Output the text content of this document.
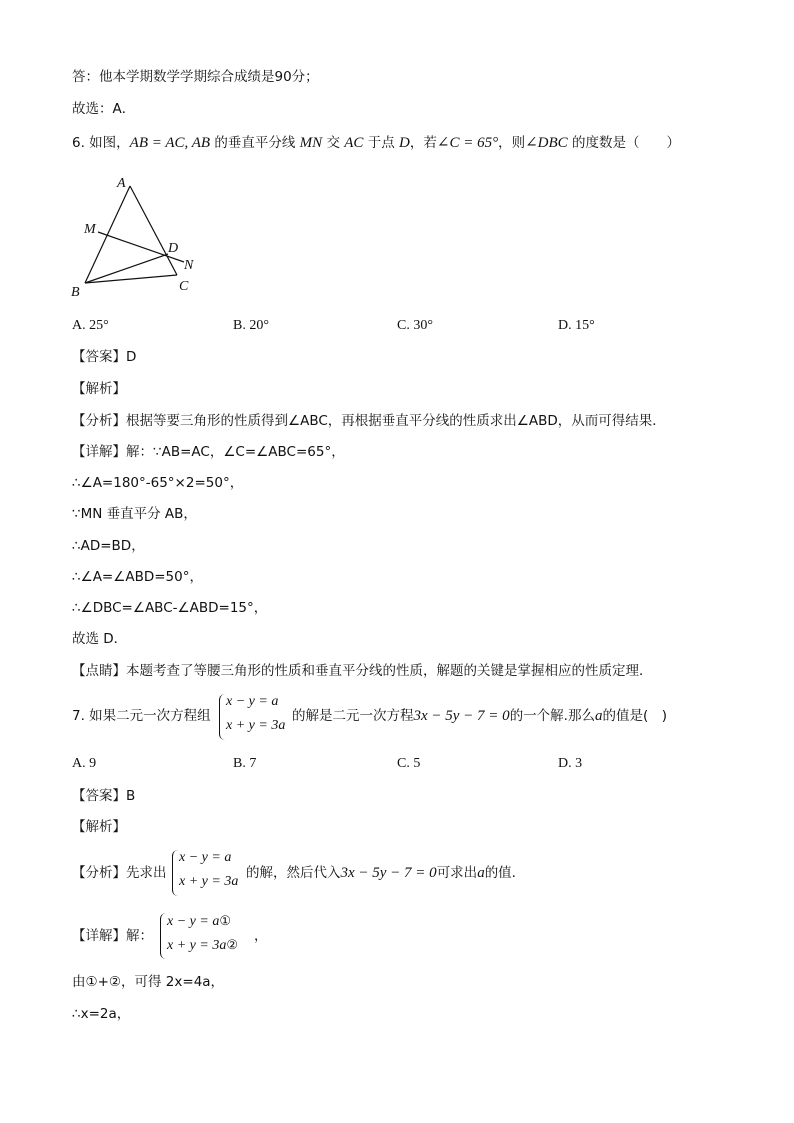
答：他本学期数学学期综合成绩是90分；
故选：A．
6. 如图，AB = AC, AB 的垂直平分线 MN 交 AC 于点 D，若∠C = 65°，则∠DBC 的度数是（　　）
A
M
D
N
B	C
A. 25°	B. 20°	C. 30°	D. 15°
【答案】D
【解析】
【分析】根据等要三角形的性质得到∠ABC，再根据垂直平分线的性质求出∠ABD，从而可得结果．
【详解】解：∵AB=AC，∠C=∠ABC=65°，
∴∠A=180°-65°×2=50°，
∵MN 垂直平分 AB，
∴AD=BD，
∴∠A=∠ABD=50°，
∴∠DBC=∠ABC-∠ABD=15°，
故选 D．
【点睛】本题考查了等腰三角形的性质和垂直平分线的性质，解题的关键是掌握相应的性质定理．
7. 如果二元一次方程组
x − y = a
x + y = 3a
的解是二元一次方程3x − 5y − 7 = 0的一个解.那么a的值是(　)
A. 9	B. 7	C. 5	D. 3
【答案】B
【解析】
【分析】先求出
x − y = a
x + y = 3a
的解，然后代入3x − 5y − 7 = 0可求出a的值.
【详解】解：
x − y = a①
x + y = 3a②
，
由①+②，可得 2x=4a，
∴x=2a，
